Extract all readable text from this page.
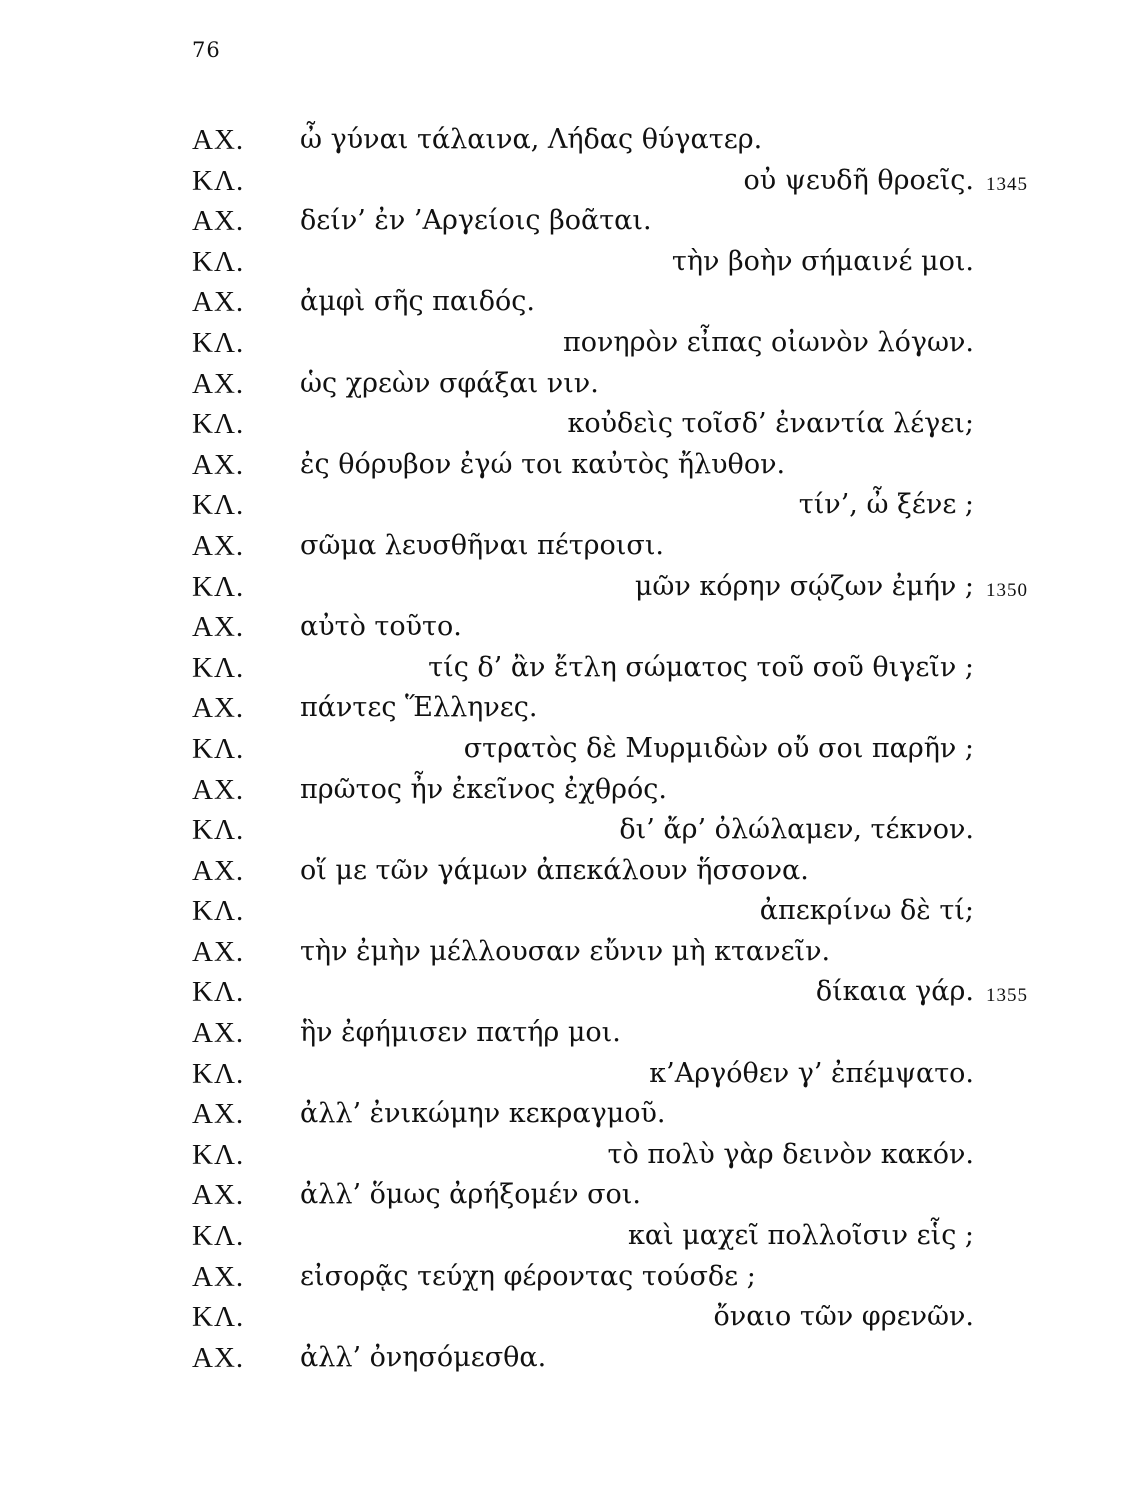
76
ΑΧ. ὦ γύναι τάλαινα, Λήδας θύγατερ.
ΚΛ.	οὐ ψευδῆ θροεῖς. 1345
ΑΧ. δείν’ ἐν ’Αργείοις βοᾶται.
ΚΛ.	τὴν βοὴν σήμαινέ μοι.
ΑΧ. ἀμφὶ σῆς παιδός.
ΚΛ.	πονηρὸν εἶπας οἰωνὸν λόγων.
ΑΧ. ὡς χρεὼν σφάξαι νιν.
ΚΛ.	κοὐδεὶς τοῖσδ’ ἐναντία λέγει;
ΑΧ. ἐς θόρυβον ἐγώ τοι καὐτὸς ἤλυθον.
ΚΛ.	τίν’, ὦ ξένε ;
ΑΧ. σῶμα λευσθῆναι πέτροισι.
ΚΛ.	μῶν κόρην σῴζων ἐμήν ; 1350
ΑΧ. αὐτὸ τοῦτο.
ΚΛ.	τίς δ’ ἂν ἔτλη σώματος τοῦ σοῦ θιγεῖν ;
ΑΧ. πάντες Ἕλληνες.
ΚΛ.	στρατὸς δὲ Μυρμιδὼν οὔ σοι παρῆν ;
ΑΧ. πρῶτος ἦν ἐκεῖνος ἐχθρός.
ΚΛ.	δι’ ἄρ’ ὀλώλαμεν, τέκνον.
ΑΧ. οἵ με τῶν γάμων ἀπεκάλουν ἥσσονα.
ΚΛ.	ἀπεκρίνω δὲ τί;
ΑΧ. τὴν ἐμὴν μέλλουσαν εὔνιν μὴ κτανεῖν.
ΚΛ.	δίκαια γάρ. 1355
ΑΧ. ἣν ἐφήμισεν πατήρ μοι.
ΚΛ.	κ’Αργόθεν γ’ ἐπέμψατο.
ΑΧ. ἀλλ’ ἐνικώμην κεκραγμοῦ.
ΚΛ.	τὸ πολὺ γὰρ δεινὸν κακόν.
ΑΧ. ἀλλ’ ὅμως ἀρήξομέν σοι.
ΚΛ.	καὶ μαχεῖ πολλοῖσιν εἷς ;
ΑΧ. εἰσορᾷς τεύχη φέροντας τούσδε ;
ΚΛ.	ὄναιο τῶν φρενῶν.
ΑΧ. ἀλλ’ ὀνησόμεσθα.
